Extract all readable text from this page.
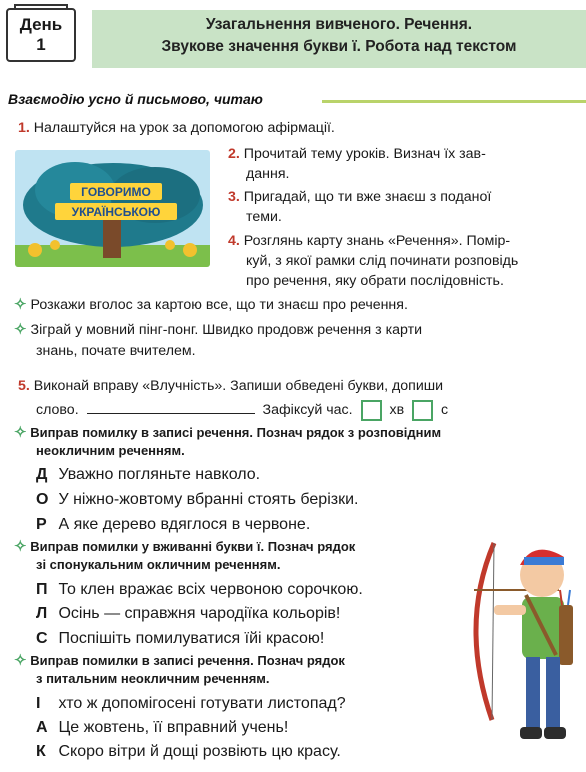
День
1
Узагальнення вивченого. Речення.
Звукове значення букви ї. Робота над текстом
Взаємодію усно й письмово, читаю
1. Налаштуйся на урок за допомогою афірмації.
ГОВОРИМО
УКРАЇНСЬКОЮ
2. Прочитай тему уроків. Визнач їх зав-
дання.
3. Пригадай, що ти вже знаєш з поданої
теми.
4. Розглянь карту знань «Речення». Помір-
куй, з якої рамки слід починати розповідь
про речення, яку обрати послідовність.
✧ Розкажи вголос за картою все, що ти знаєш про речення.
✧ Зіграй у мовний пінг-понг. Швидко продовж речення з карти
знань, почате вчителем.
5. Виконай вправу «Влучність». Запиши обведені букви, допиши
слово.	Зафіксуй час.	хв	с
✧ Виправ помилку в записі речення. Познач рядок з розповідним
неокличним реченням.
Д Уважно погляньте навколо.
О У ніжно-жовтому вбранні стоять берізки.
Р А яке дерево вдяглося в червоне.
✧ Виправ помилки у вживанні букви ї. Познач рядок
зі спонукальним окличним реченням.
П То клен вражає всіх червоною сорочкою.
Л Осінь — справжня чародіїка кольорів!
С Поспішіть помилуватися їйі красою!
✧ Виправ помилки в записі речення. Познач рядок
з питальним неокличним реченням.
І хто ж допомігосені готувати листопад?
А Це жовтень, її вправний учень!
К Скоро вітри й дощі розвіють цю красу.
